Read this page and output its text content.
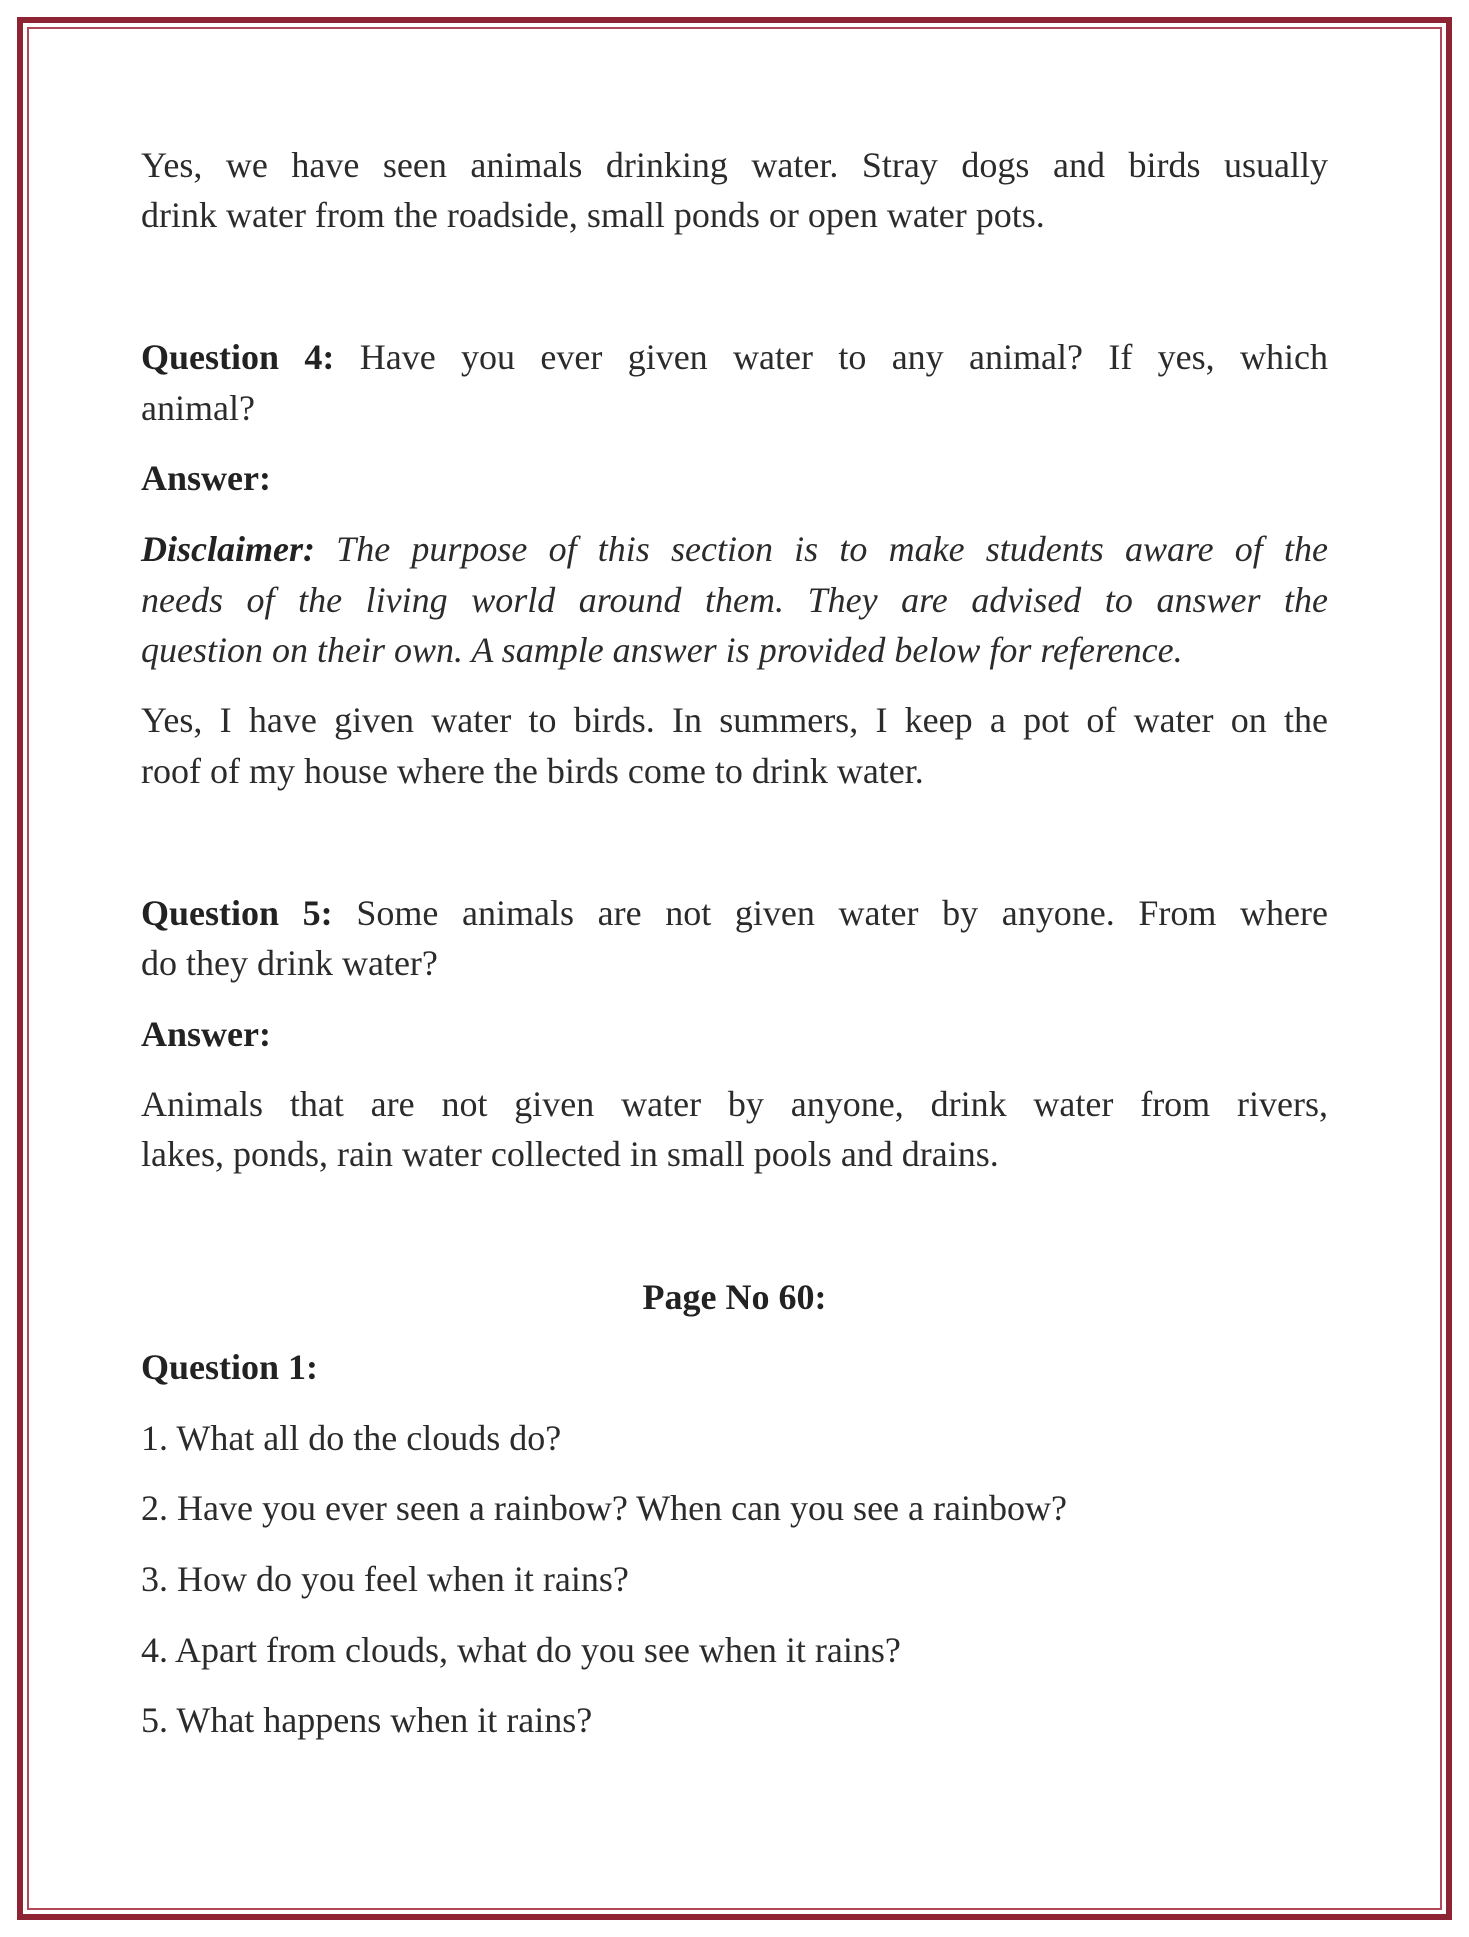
Yes, we have seen animals drinking water. Stray dogs and birds usually
drink water from the roadside, small ponds or open water pots.
Question 4: Have you ever given water to any animal? If yes, which
animal?
Answer:
Disclaimer: The purpose of this section is to make students aware of the
needs of the living world around them. They are advised to answer the
question on their own. A sample answer is provided below for reference.
Yes, I have given water to birds. In summers, I keep a pot of water on the
roof of my house where the birds come to drink water.
Question 5: Some animals are not given water by anyone. From where
do they drink water?
Answer:
Animals that are not given water by anyone, drink water from rivers,
lakes, ponds, rain water collected in small pools and drains.
Page No 60:
Question 1:
1. What all do the clouds do?
2. Have you ever seen a rainbow? When can you see a rainbow?
3. How do you feel when it rains?
4. Apart from clouds, what do you see when it rains?
5. What happens when it rains?
